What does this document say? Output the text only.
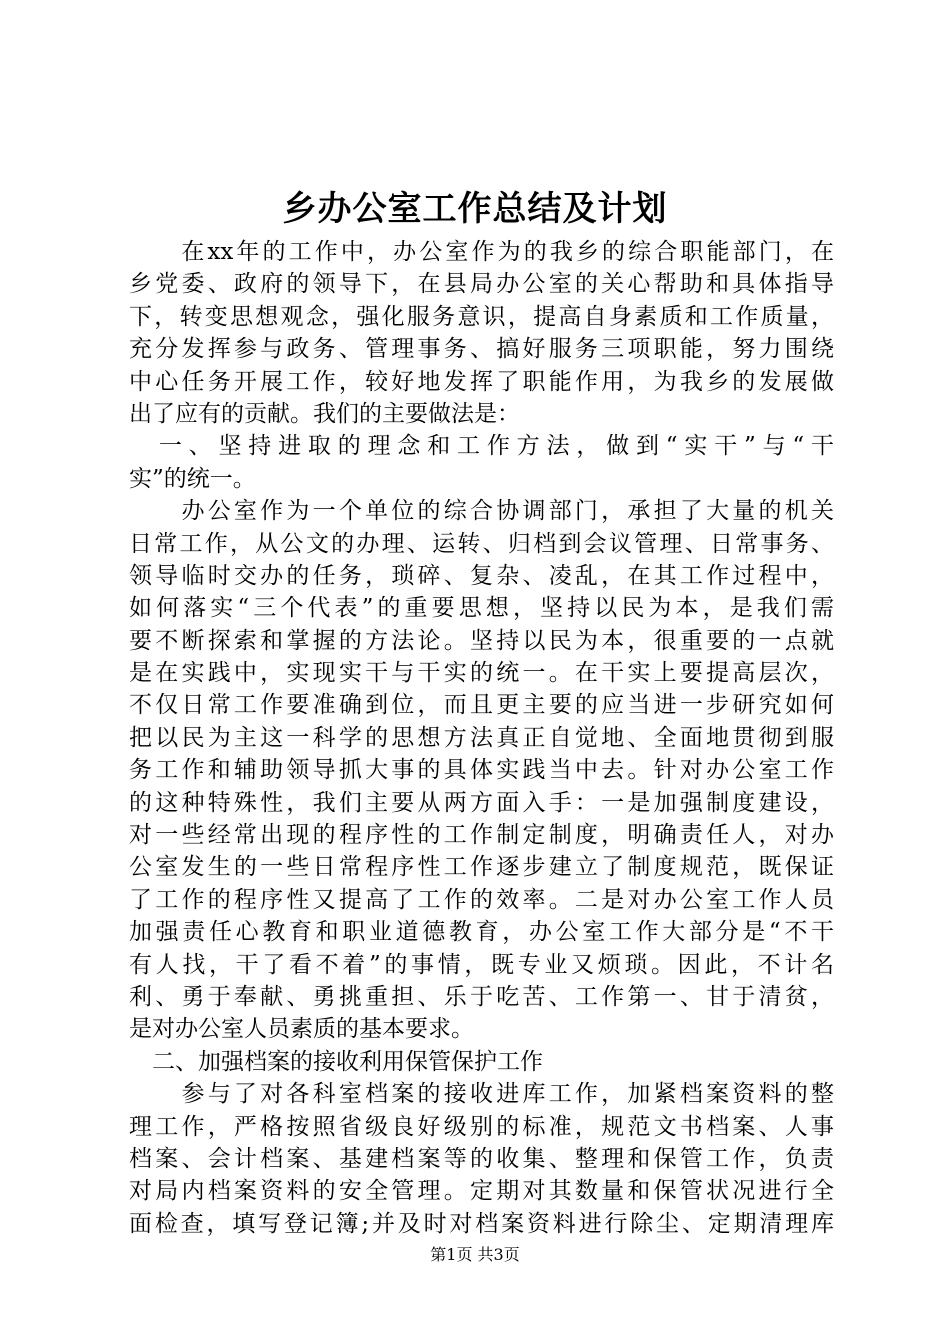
乡办公室工作总结及计划
　　在xx年的工作中，办公室作为的我乡的综合职能部门，在
乡党委、政府的领导下，在县局办公室的关心帮助和具体指导
下，转变思想观念，强化服务意识，提高自身素质和工作质量，
充分发挥参与政务、管理事务、搞好服务三项职能，努力围绕
中心任务开展工作，较好地发挥了职能作用，为我乡的发展做
出了应有的贡献。我们的主要做法是：
　一、坚持进取的理念和工作方法，做到“实干”与“干
实”的统一。
　　办公室作为一个单位的综合协调部门，承担了大量的机关
日常工作，从公文的办理、运转、归档到会议管理、日常事务、
领导临时交办的任务，琐碎、复杂、凌乱，在其工作过程中，
如何落实“三个代表”的重要思想，坚持以民为本，是我们需
要不断探索和掌握的方法论。坚持以民为本，很重要的一点就
是在实践中，实现实干与干实的统一。在干实上要提高层次，
不仅日常工作要准确到位，而且更主要的应当进一步研究如何
把以民为主这一科学的思想方法真正自觉地、全面地贯彻到服
务工作和辅助领导抓大事的具体实践当中去。针对办公室工作
的这种特殊性，我们主要从两方面入手：一是加强制度建设，
对一些经常出现的程序性的工作制定制度，明确责任人，对办
公室发生的一些日常程序性工作逐步建立了制度规范，既保证
了工作的程序性又提高了工作的效率。二是对办公室工作人员
加强责任心教育和职业道德教育，办公室工作大部分是“不干
有人找，干了看不着”的事情，既专业又烦琐。因此，不计名
利、勇于奉献、勇挑重担、乐于吃苦、工作第一、甘于清贫，
是对办公室人员素质的基本要求。
　二、加强档案的接收利用保管保护工作
　　参与了对各科室档案的接收进库工作，加紧档案资料的整
理工作，严格按照省级良好级别的标准，规范文书档案、人事
档案、会计档案、基建档案等的收集、整理和保管工作，负责
对局内档案资料的安全管理。定期对其数量和保管状况进行全
面检查，填写登记簿;并及时对档案资料进行除尘、定期清理库
第1页 共3页
